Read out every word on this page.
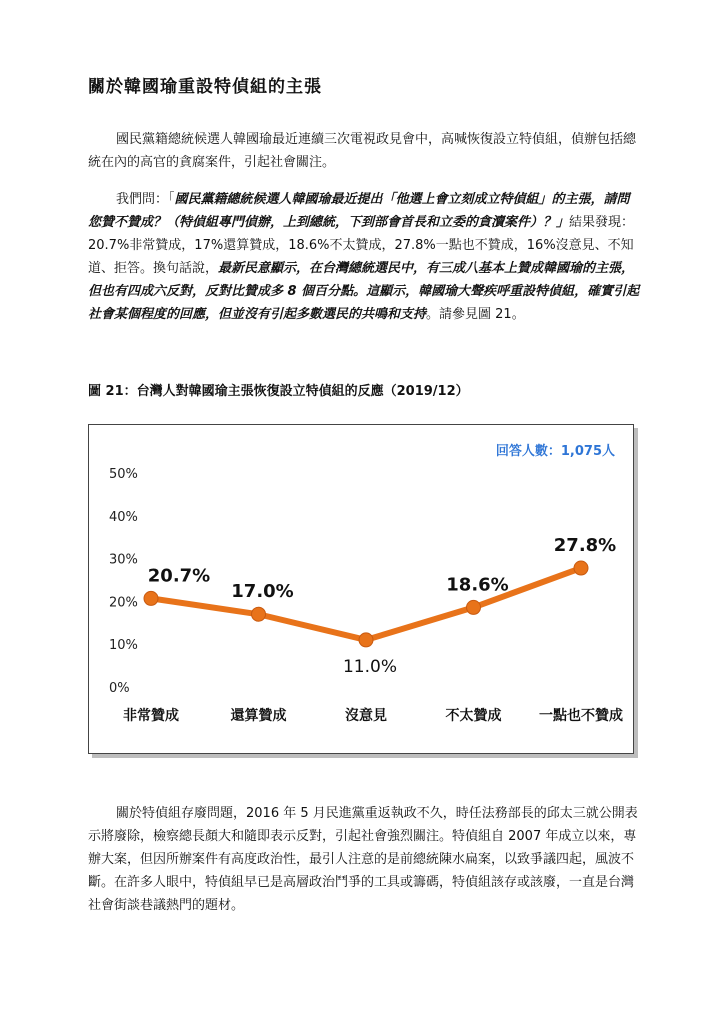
關於韓國瑜重設特偵組的主張
國民黨籍總統候選人韓國瑜最近連續三次電視政見會中，高喊恢復設立特偵組，偵辦包括總統在內的高官的貪腐案件，引起社會關注。
我們問：「國民黨籍總統候選人韓國瑜最近提出「他選上會立刻成立特偵組」的主張，請問您贊不贊成？（特偵組專門偵辦，上到總統，下到部會首長和立委的貪瀆案件）？」結果發現：20.7%非常贊成，17%還算贊成，18.6%不太贊成，27.8%一點也不贊成，16%沒意見、不知道、拒答。換句話說，最新民意顯示，在台灣總統選民中，有三成八基本上贊成韓國瑜的主張，但也有四成六反對，反對比贊成多 8 個百分點。這顯示，韓國瑜大聲疾呼重設特偵組，確實引起社會某個程度的回應，但並沒有引起多數選民的共鳴和支持。請參見圖 21。
圖 21：台灣人對韓國瑜主張恢復設立特偵組的反應（2019/12）
0%
10%
20%
30%
40%
50%
非常贊成	還算贊成	沒意見	不太贊成	一點也不贊成
20.7%
17.0%
11.0%
18.6%
27.8%
回答人數：1,075人
關於特偵組存廢問題，2016 年 5 月民進黨重返執政不久，時任法務部長的邱太三就公開表示將廢除，檢察總長顏大和隨即表示反對，引起社會強烈關注。特偵組自 2007 年成立以來，專辦大案，但因所辦案件有高度政治性，最引人注意的是前總統陳水扁案，以致爭議四起，風波不斷。在許多人眼中，特偵組早已是高層政治鬥爭的工具或籌碼，特偵組該存或該廢，一直是台灣社會街談巷議熱門的題材。
